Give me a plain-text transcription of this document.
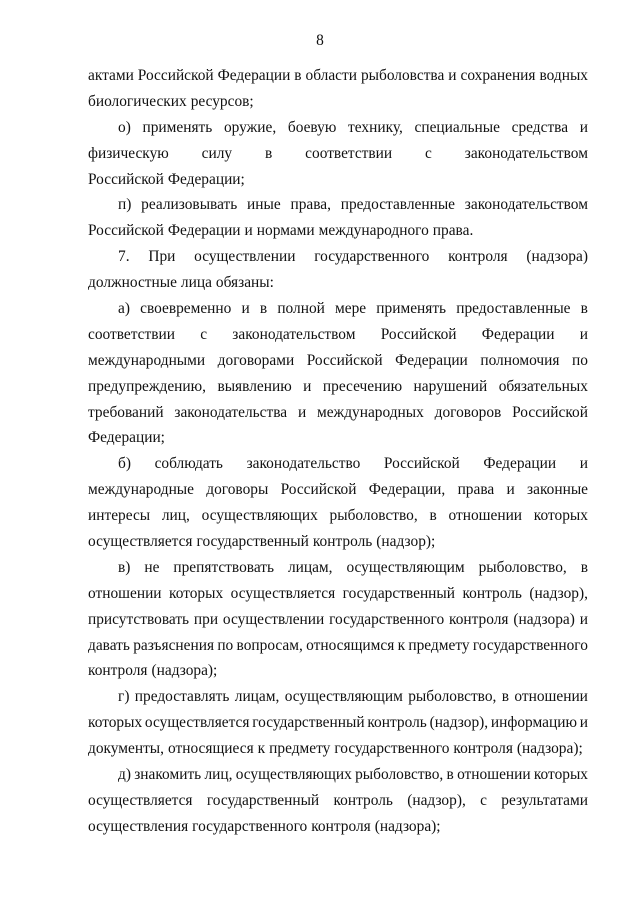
8
актами Российской Федерации в области рыболовства и сохранения водных
биологических ресурсов;
о) применять оружие, боевую технику, специальные средства и
физическую силу в соответствии с законодательством
Российской Федерации;
п) реализовывать иные права, предоставленные законодательством
Российской Федерации и нормами международного права.
7. При осуществлении государственного контроля (надзора)
должностные лица обязаны:
а) своевременно и в полной мере применять предоставленные в
соответствии с законодательством Российской Федерации и
международными договорами Российской Федерации полномочия по
предупреждению, выявлению и пресечению нарушений обязательных
требований законодательства и международных договоров Российской
Федерации;
б) соблюдать законодательство Российской Федерации и
международные договоры Российской Федерации, права и законные
интересы лиц, осуществляющих рыболовство, в отношении которых
осуществляется государственный контроль (надзор);
в) не препятствовать лицам, осуществляющим рыболовство, в
отношении которых осуществляется государственный контроль (надзор),
присутствовать при осуществлении государственного контроля (надзора) и
давать разъяснения по вопросам, относящимся к предмету государственного
контроля (надзора);
г) предоставлять лицам, осуществляющим рыболовство, в отношении
которых осуществляется государственный контроль (надзор), информацию и
документы, относящиеся к предмету государственного контроля (надзора);
д) знакомить лиц, осуществляющих рыболовство, в отношении которых
осуществляется государственный контроль (надзор), с результатами
осуществления государственного контроля (надзора);
